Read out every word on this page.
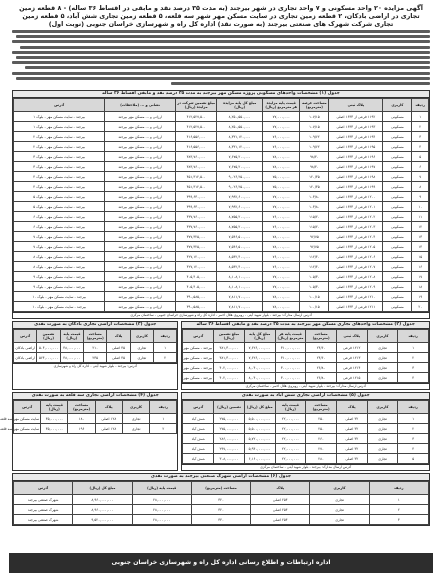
آگهی مزایده ۲۰ واحد مسکونی و ۷ واحد تجاری در شهر بیرجند (به مدت ۳۵ درصد نقد و مابقی در اقساط ۳۶ ساله) - ۸ قطعه زمین تجاری در اراضی بادکان، ۲ قطعه زمین تجاری در سایت مسکن مهر شهر سه قلعه، ۵ قطعه زمین تجاری شش آباد، ۵ قطعه زمین تجاری شرکت شهرک های صنعتی بیرجند (به صورت نقد) اداره کل راه و شهرسازی خراسان جنوبی (نوبت اول)
جدول (۱) مشخصات واحدهای مسکونی پروژه مسکن مهر بیرجند به مدت ۳۵ درصد نقد و مابقی اقساط ۳۶ ساله
ردیف	کاربری	پلاک ثبتی	مساحت عرصه (مترمربع)	قیمت پایه مزایده هر مترمربع (ریال)	مبلغ کل پایه مزایده (ریال)	مبلغ تضمین شرکت در مزایده (ریال)	نشانی و ... (ملاحظات)	آدرس
۱	مسکونی	۱۱۹۲ فرعی از ۱۶۳۳ اصلی	۱۰۷/۱۵	۷۷,۰۰۰,۰۰۰	۸,۲۵۰,۵۵۰,۰۰۰	۴۱۲,۵۲۷,۵۰۰	ارزانی و ... مسکن مهر بیرجند	بیرجند - سایت مسکن مهر - بلوک ۱
۲	مسکونی	۱۱۹۳ فرعی از ۱۶۳۳ اصلی	۱۰۷/۱۵	۷۷,۰۰۰,۰۰۰	۸,۲۵۰,۵۵۰,۰۰۰	۴۱۲,۵۲۷,۵۰۰	ارزانی و ... مسکن مهر بیرجند	بیرجند - سایت مسکن مهر - بلوک ۱
۳	مسکونی	۱۱۹۴ فرعی از ۱۶۳۳ اصلی	۱۰۹/۶۲	۷۶,۰۰۰,۰۰۰	۸,۳۳۱,۱۲۰,۰۰۰	۴۱۶,۵۵۶,۰۰۰	ارزانی و ... مسکن مهر بیرجند	بیرجند - سایت مسکن مهر - بلوک ۲
۴	مسکونی	۱۱۹۵ فرعی از ۱۶۳۳ اصلی	۱۰۹/۶۲	۷۶,۰۰۰,۰۰۰	۸,۳۳۱,۱۲۰,۰۰۰	۴۱۶,۵۵۶,۰۰۰	ارزانی و ... مسکن مهر بیرجند	بیرجند - سایت مسکن مهر - بلوک ۲
۵	مسکونی	۱۱۹۶ فرعی از ۱۶۳۳ اصلی	۹۸/۴۰	۷۸,۰۰۰,۰۰۰	۷,۶۷۵,۲۰۰,۰۰۰	۳۸۳,۷۶۰,۰۰۰	ارزانی و ... مسکن مهر بیرجند	بیرجند - سایت مسکن مهر - بلوک ۳
۶	مسکونی	۱۱۹۷ فرعی از ۱۶۳۳ اصلی	۹۸/۴۰	۷۸,۰۰۰,۰۰۰	۷,۶۷۵,۲۰۰,۰۰۰	۳۸۳,۷۶۰,۰۰۰	ارزانی و ... مسکن مهر بیرجند	بیرجند - سایت مسکن مهر - بلوک ۳
۷	مسکونی	۱۱۹۸ فرعی از ۱۶۳۳ اصلی	۱۲۰/۳۵	۷۵,۰۰۰,۰۰۰	۹,۰۲۶,۲۵۰,۰۰۰	۴۵۱,۳۱۲,۵۰۰	ارزانی و ... مسکن مهر بیرجند	بیرجند - سایت مسکن مهر - بلوک ۴
۸	مسکونی	۱۱۹۹ فرعی از ۱۶۳۳ اصلی	۱۲۰/۳۵	۷۵,۰۰۰,۰۰۰	۹,۰۲۶,۲۵۰,۰۰۰	۴۵۱,۳۱۲,۵۰۰	ارزانی و ... مسکن مهر بیرجند	بیرجند - سایت مسکن مهر - بلوک ۴
۹	مسکونی	۱۲۰۰ فرعی از ۱۶۳۳ اصلی	۱۰۳/۸۰	۷۷,۰۰۰,۰۰۰	۷,۹۹۲,۶۰۰,۰۰۰	۳۹۹,۶۳۰,۰۰۰	ارزانی و ... مسکن مهر بیرجند	بیرجند - سایت مسکن مهر - بلوک ۵
۱۰	مسکونی	۱۲۰۱ فرعی از ۱۶۳۳ اصلی	۱۰۳/۸۰	۷۷,۰۰۰,۰۰۰	۷,۹۹۲,۶۰۰,۰۰۰	۳۹۹,۶۳۰,۰۰۰	ارزانی و ... مسکن مهر بیرجند	بیرجند - سایت مسکن مهر - بلوک ۵
۱۱	مسکونی	۱۲۰۲ فرعی از ۱۶۳۳ اصلی	۱۱۵/۲۰	۷۶,۰۰۰,۰۰۰	۸,۷۵۵,۲۰۰,۰۰۰	۴۳۷,۷۶۰,۰۰۰	ارزانی و ... مسکن مهر بیرجند	بیرجند - سایت مسکن مهر - بلوک ۶
۱۲	مسکونی	۱۲۰۳ فرعی از ۱۶۳۳ اصلی	۱۱۵/۲۰	۷۶,۰۰۰,۰۰۰	۸,۷۵۵,۲۰۰,۰۰۰	۴۳۷,۷۶۰,۰۰۰	ارزانی و ... مسکن مهر بیرجند	بیرجند - سایت مسکن مهر - بلوک ۶
۱۳	مسکونی	۱۲۰۴ فرعی از ۱۶۳۳ اصلی	۹۶/۷۵	۷۸,۰۰۰,۰۰۰	۷,۵۴۶,۵۰۰,۰۰۰	۳۷۷,۳۲۵,۰۰۰	ارزانی و ... مسکن مهر بیرجند	بیرجند - سایت مسکن مهر - بلوک ۷
۱۴	مسکونی	۱۲۰۵ فرعی از ۱۶۳۳ اصلی	۹۶/۷۵	۷۸,۰۰۰,۰۰۰	۷,۵۴۶,۵۰۰,۰۰۰	۳۷۷,۳۲۵,۰۰۰	ارزانی و ... مسکن مهر بیرجند	بیرجند - سایت مسکن مهر - بلوک ۷
۱۵	مسکونی	۱۲۰۶ فرعی از ۱۶۳۳ اصلی	۱۱۲/۴۰	۷۶,۰۰۰,۰۰۰	۸,۵۴۲,۴۰۰,۰۰۰	۴۲۷,۱۲۰,۰۰۰	ارزانی و ... مسکن مهر بیرجند	بیرجند - سایت مسکن مهر - بلوک ۸
۱۶	مسکونی	۱۲۰۷ فرعی از ۱۶۳۳ اصلی	۱۱۲/۴۰	۷۶,۰۰۰,۰۰۰	۸,۵۴۲,۴۰۰,۰۰۰	۴۲۷,۱۲۰,۰۰۰	ارزانی و ... مسکن مهر بیرجند	بیرجند - سایت مسکن مهر - بلوک ۸
۱۷	مسکونی	۱۲۰۸ فرعی از ۱۶۳۳ اصلی	۱۰۵/۳۰	۷۷,۰۰۰,۰۰۰	۸,۱۰۸,۱۰۰,۰۰۰	۴۰۵,۴۰۵,۰۰۰	ارزانی و ... مسکن مهر بیرجند	بیرجند - سایت مسکن مهر - بلوک ۹
۱۸	مسکونی	۱۲۰۹ فرعی از ۱۶۳۳ اصلی	۱۰۵/۳۰	۷۷,۰۰۰,۰۰۰	۸,۱۰۸,۱۰۰,۰۰۰	۴۰۵,۴۰۵,۰۰۰	ارزانی و ... مسکن مهر بیرجند	بیرجند - سایت مسکن مهر - بلوک ۹
۱۹	مسکونی	۱۲۱۰ فرعی از ۱۶۳۳ اصلی	۱۰۰/۱۵	۷۸,۰۰۰,۰۰۰	۷,۸۱۱,۷۰۰,۰۰۰	۳۹۰,۵۸۵,۰۰۰	ارزانی و ... مسکن مهر بیرجند	بیرجند - سایت مسکن مهر - بلوک ۱۰
۲۰	مسکونی	۱۲۱۱ فرعی از ۱۶۳۳ اصلی	۱۰۰/۱۵	۷۸,۰۰۰,۰۰۰	۷,۸۱۱,۷۰۰,۰۰۰	۳۹۰,۵۸۵,۰۰۰	ارزانی و ... مسکن مهر بیرجند	بیرجند - سایت مسکن مهر - بلوک ۱۰
آدرس ارسال مدارک: بیرجند - بلوار شهید آیتی - روبروی هلال احمر - اداره کل راه و شهرسازی خراسان جنوبی - ساختمان مرکزی
جدول (۲) مشخصات واحدهای تجاری مسکن مهر بیرجند به مدت ۳۵ درصد نقد و مابقی اقساط ۳۶ ساله
ردیف	کاربری	پلاک ثبتی	مساحت (مترمربع)	قیمت پایه هر مترمربع (ریال)	مبلغ کل پایه (ریال)	مبلغ تضمین (ریال)	آدرس
۱	تجاری	۱۲۱۲ فرعی	۲۴/۶۰	۳۱۰,۰۰۰,۰۰۰	۷,۶۲۶,۰۰۰,۰۰۰	۳۸۱,۳۰۰,۰۰۰	بیرجند - مسکن مهر
۲	تجاری	۱۲۱۳ فرعی	۲۴/۶۰	۳۱۰,۰۰۰,۰۰۰	۷,۶۲۶,۰۰۰,۰۰۰	۳۸۱,۳۰۰,۰۰۰	بیرجند - مسکن مهر
۳	تجاری	۱۲۱۴ فرعی	۲۶/۸۰	۳۰۰,۰۰۰,۰۰۰	۸,۰۴۰,۰۰۰,۰۰۰	۴۰۲,۰۰۰,۰۰۰	بیرجند - مسکن مهر
۴	تجاری	۱۲۱۵ فرعی	۲۶/۸۰	۳۰۰,۰۰۰,۰۰۰	۸,۰۴۰,۰۰۰,۰۰۰	۴۰۲,۰۰۰,۰۰۰	بیرجند - مسکن مهر
آدرس ارسال مدارک: بیرجند - بلوار شهید آیتی - روبروی هلال احمر - ساختمان مرکزی
جدول (۳) مشخصات اراضی تجاری بادکان به صورت نقدی
ردیف	کاربری	پلاک	مساحت (مترمربع)	قیمت پایه (ریال)	تضمین (ریال)	آدرس
۱	تجاری	۴۵ اصلی	۲۱۰	۴۸,۰۰۰,۰۰۰	۵۰۴,۰۰۰,۰۰۰	اراضی بادکان
۲	تجاری	۴۵ اصلی	۲۳۵	۴۸,۰۰۰,۰۰۰	۵۶۴,۰۰۰,۰۰۰	اراضی بادکان
آدرس: بیرجند - بلوار شهید آیتی - اداره کل راه و شهرسازی
جدول (۵) مشخصات اراضی تجاری شش آباد به صورت نقدی
ردیف	کاربری	پلاک	مساحت (مترمربع)	قیمت پایه (ریال)	مبلغ کل (ریال)	تضمین (ریال)	آدرس
۱	تجاری	۳۲ اصلی	۲۵۰	۲۲,۰۰۰,۰۰۰	۵,۵۰۰,۰۰۰,۰۰۰	۲۷۵,۰۰۰,۰۰۰	شش آباد
۲	تجاری	۳۲ اصلی	۲۵۰	۲۲,۰۰۰,۰۰۰	۵,۵۰۰,۰۰۰,۰۰۰	۲۷۵,۰۰۰,۰۰۰	شش آباد
۳	تجاری	۳۲ اصلی	۲۶۰	۲۲,۰۰۰,۰۰۰	۵,۷۲۰,۰۰۰,۰۰۰	۲۸۶,۰۰۰,۰۰۰	شش آباد
۴	تجاری	۳۲ اصلی	۲۷۰	۲۲,۰۰۰,۰۰۰	۵,۹۴۰,۰۰۰,۰۰۰	۲۹۷,۰۰۰,۰۰۰	شش آباد
۵	تجاری	۳۲ اصلی	۲۸۰	۲۲,۰۰۰,۰۰۰	۶,۱۶۰,۰۰۰,۰۰۰	۳۰۸,۰۰۰,۰۰۰	شش آباد
آدرس ارسال مدارک: بیرجند - بلوار شهید آیتی - ساختمان مرکزی
جدول (۴) مشخصات اراضی تجاری سه قلعه به صورت نقدی
ردیف	کاربری	پلاک	مساحت (مترمربع)	قیمت پایه (ریال)	آدرس
۱	تجاری	۱۲۸ اصلی	۱۸۰	۳۵,۰۰۰,۰۰۰	سایت مسکن مهر سه قلعه
۲	تجاری	۱۲۸ اصلی	۱۹۶	۳۵,۰۰۰,۰۰۰	سایت مسکن مهر سه قلعه
جدول (۶) مشخصات اراضی شهرک صنعتی بیرجند به صورت نقدی
ردیف	کاربری	پلاک	مساحت (مترمربع)	قیمت پایه (ریال)	مبلغ کل (ریال)	آدرس
۱	تجاری	۲۵۴ اصلی	۳۲۰	۲۸,۰۰۰,۰۰۰	۸,۹۶۰,۰۰۰,۰۰۰	شهرک صنعتی بیرجند
۲	تجاری	۲۵۴ اصلی	۳۲۰	۲۸,۰۰۰,۰۰۰	۸,۹۶۰,۰۰۰,۰۰۰	شهرک صنعتی بیرجند
۳	تجاری	۲۵۴ اصلی	۳۴۰	۲۸,۰۰۰,۰۰۰	۹,۵۲۰,۰۰۰,۰۰۰	شهرک صنعتی بیرجند
اداره ارتباطات و اطلاع رسانی اداره کل راه و شهرسازی خراسان جنوبی
